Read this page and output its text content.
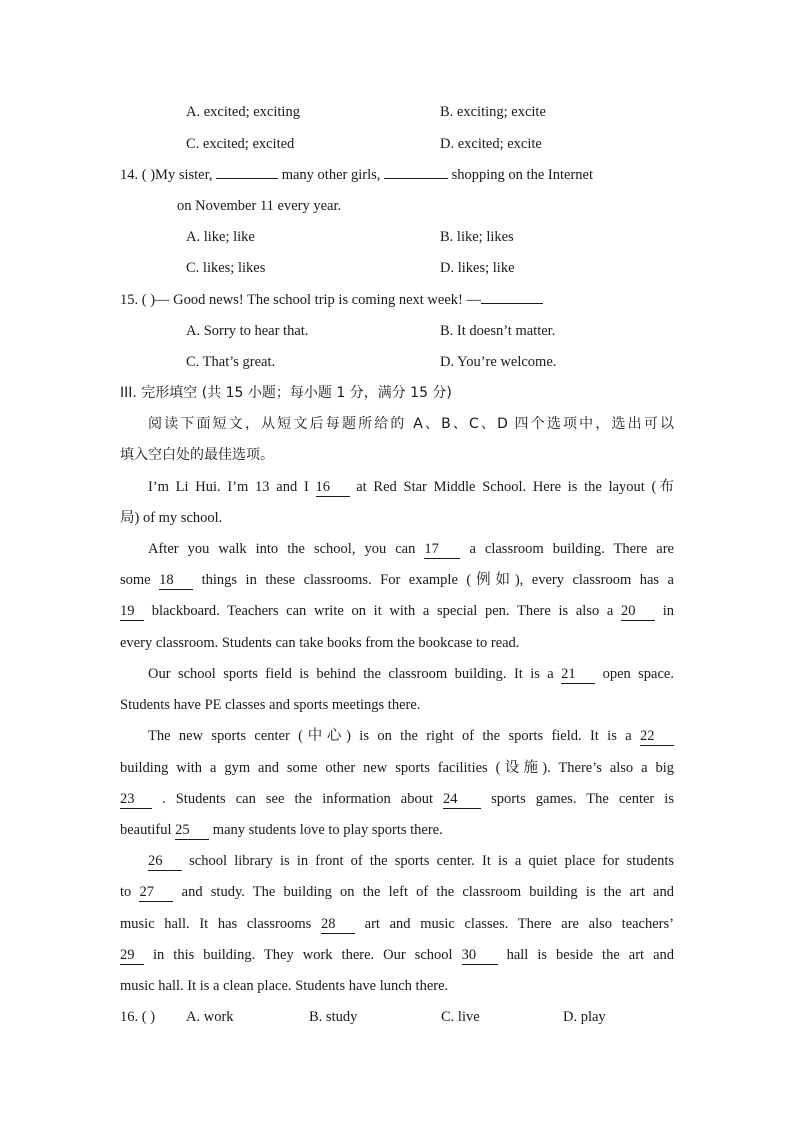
A. excited; exciting	B. exciting; excite
C. excited; excited	D. excited; excite
14. ( )My sister,	many other girls,	shopping on the Internet
on November 11 every year.
A. like; like	B. like; likes
C. likes; likes	D. likes; like
15. ( )— Good news! The school trip is coming next week! —
A. Sorry to hear that.	B. It doesn’t matter.
C. That’s great.	D. You’re welcome.
III. 完形填空 (共 15 小题；每小题 1 分，满分 15 分)
阅读下面短文，从短文后每题所给的 A、B、C、D 四个选项中，选出可以
填入空白处的最佳选项。
I’m Li Hui. I’m 13 and I 16 at Red Star Middle School. Here is the layout (布
局) of my school.
After you walk into the school, you can 17 a classroom building. There are
some 18 things in these classrooms. For example (例如), every classroom has a
19 blackboard. Teachers can write on it with a special pen. There is also a 20 in
every classroom. Students can take books from the bookcase to read.
Our school sports field is behind the classroom building. It is a 21 open space.
Students have PE classes and sports meetings there.
The new sports center (中心) is on the right of the sports field. It is a 22
building with a gym and some other new sports facilities (设施). There’s also a big
23 . Students can see the information about 24 sports games. The center is
beautiful 25 many students love to play sports there.
26 school library is in front of the sports center. It is a quiet place for students
to 27 and study. The building on the left of the classroom building is the art and
music hall. It has classrooms 28 art and music classes. There are also teachers’
29 in this building. They work there. Our school 30 hall is beside the art and
music hall. It is a clean place. Students have lunch there.
16. ( ) A. work	B. study	C. live	D. play
